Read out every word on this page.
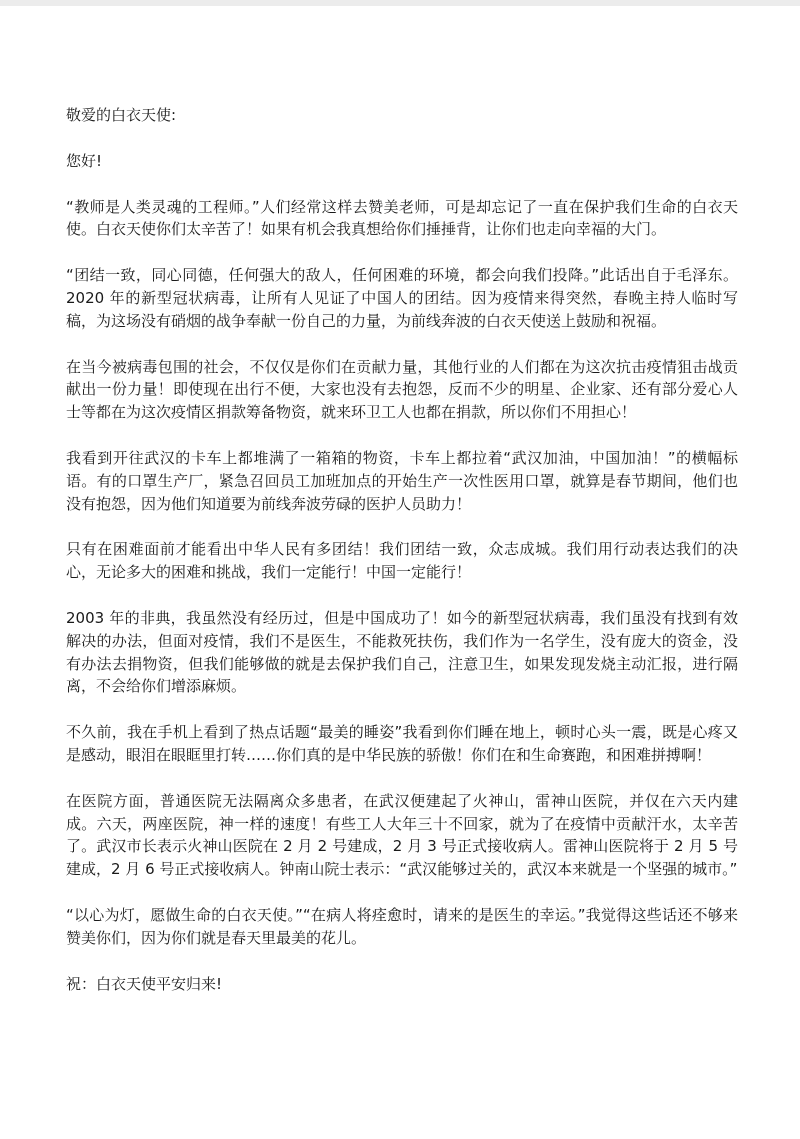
敬爱的白衣天使:

您好!

“教师是人类灵魂的工程师。”人们经常这样去赞美老师，可是却忘记了一直在保护我们生命的白衣天使。白衣天使你们太辛苦了！如果有机会我真想给你们捶捶背，让你们也走向幸福的大门。

“团结一致，同心同德，任何强大的敌人，任何困难的环境，都会向我们投降。”此话出自于毛泽东。2020 年的新型冠状病毒，让所有人见证了中国人的团结。因为疫情来得突然，春晚主持人临时写稿，为这场没有硝烟的战争奉献一份自己的力量，为前线奔波的白衣天使送上鼓励和祝福。

在当今被病毒包围的社会，不仅仅是你们在贡献力量，其他行业的人们都在为这次抗击疫情狙击战贡献出一份力量！即使现在出行不便，大家也没有去抱怨，反而不少的明星、企业家、还有部分爱心人士等都在为这次疫情区捐款筹备物资，就来环卫工人也都在捐款，所以你们不用担心！

我看到开往武汉的卡车上都堆满了一箱箱的物资，卡车上都拉着“武汉加油，中国加油！”的横幅标语。有的口罩生产厂，紧急召回员工加班加点的开始生产一次性医用口罩，就算是春节期间，他们也没有抱怨，因为他们知道要为前线奔波劳碌的医护人员助力！

只有在困难面前才能看出中华人民有多团结！我们团结一致，众志成城。我们用行动表达我们的决心，无论多大的困难和挑战，我们一定能行！中国一定能行！

2003 年的非典，我虽然没有经历过，但是中国成功了！如今的新型冠状病毒，我们虽没有找到有效解决的办法，但面对疫情，我们不是医生，不能救死扶伤，我们作为一名学生，没有庞大的资金，没有办法去捐物资，但我们能够做的就是去保护我们自己，注意卫生，如果发现发烧主动汇报，进行隔离，不会给你们增添麻烦。

不久前，我在手机上看到了热点话题“最美的睡姿”我看到你们睡在地上，顿时心头一震，既是心疼又是感动，眼泪在眼眶里打转……你们真的是中华民族的骄傲！你们在和生命赛跑，和困难拼搏啊！

在医院方面，普通医院无法隔离众多患者，在武汉便建起了火神山，雷神山医院，并仅在六天内建成。六天，两座医院，神一样的速度！有些工人大年三十不回家，就为了在疫情中贡献汗水，太辛苦了。武汉市长表示火神山医院在 2 月 2 号建成，2 月 3 号正式接收病人。雷神山医院将于 2 月 5 号建成，2 月 6 号正式接收病人。钟南山院士表示：“武汉能够过关的，武汉本来就是一个坚强的城市。”

“以心为灯，愿做生命的白衣天使。”“在病人将痊愈时，请来的是医生的幸运。”我觉得这些话还不够来赞美你们，因为你们就是春天里最美的花儿。

祝：白衣天使平安归来!
